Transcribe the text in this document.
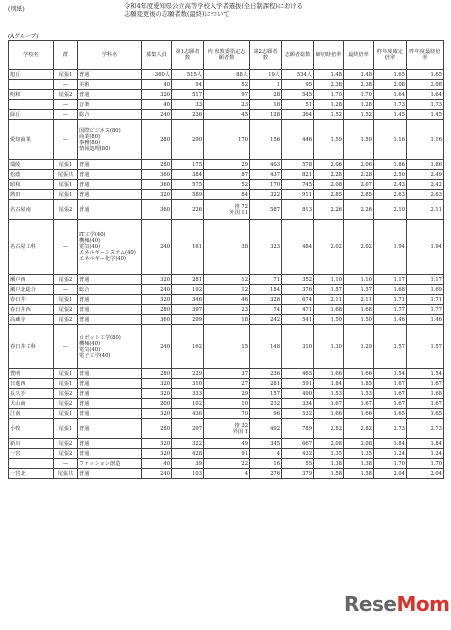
(別紙)	令和4年度愛知県公立高等学校入学者選抜(全日制課程)における
志願変更後の志願者数(最終)について
(Aグループ)
学校名	群	学科名	募集人員	第1志願者数	内 県教委指定志願者数	第2志願者数	志願者総数	締切時倍率	最終倍率	昨年度確定倍率	昨年度最終倍率
旭丘	尾張1	普通	360人	515人	88人	19人	534人	1.48	1.48	1.65	1.65
	—	美術	40	94	52	1	95	2.38	2.38	2.08	2.08
明和	尾張2	普通	320	517	97	28	545	1.70	1.70	1.64	1.64
	—	音楽	40	33	23	18	51	1.28	1.28	1.73	1.73
緑丘	—	総合	240	236	45	128	364	1.52	1.52	1.45	1.45
愛知商業	—	国際ビジネス(80)
商業(80)
事務(80)
情報処理(80)	280	290	170	156	446	1.59	1.59	1.16	1.16
瑞陵	尾張1	普通	280	175	29	403	578	2.06	2.06	1.86	1.86
松蔭	尾張共	普通	360	384	87	437	821	2.28	2.28	2.50	2.49
昭和	尾張1	普通	360	575	52	170	745	2.08	2.07	2.43	2.42
熱田	尾張1	普通	320	589	84	322	911	2.85	2.85	2.63	2.63
名古屋南	尾張2	普通	360	226	推 72
外国 11	587	813	2.26	2.26	2.10	2.11
名古屋工科	—	IT工学(40)
機械(40)
電気(40)
エネルギーシステム(40)
エネルギー化学(40)	240	161	38	323	484	2.02	2.02	1.94	1.94
瀬戸西	尾張2	普通	320	281	12	71	352	1.10	1.10	1.17	1.17
瀬戸北総合	—	総合	240	192	12	184	376	1.57	1.57	1.68	1.69
春日井	尾張1	普通	320	346	46	328	674	2.11	2.11	1.71	1.71
春日井西	尾張2	普通	280	397	23	74	471	1.68	1.68	1.77	1.77
高蔵寺	尾張2	普通	360	299	18	242	541	1.50	1.50	1.46	1.46
春日井工科	—	ロボット工学(80)
機械(40)
電気(40)
電子工学(40)	240	162	15	148	310	1.30	1.29	1.57	1.57
豊明	尾張1	普通	280	229	37	236	465	1.66	1.66	1.54	1.54
日進西	尾張1	普通	320	310	27	281	591	1.84	1.85	1.67	1.67
長久手	尾張2	普通	320	333	29	157	490	1.53	1.53	1.67	1.68
犬山南	尾張2	普通	200	102	10	232	334	1.67	1.67	1.67	1.67
江南	尾張1	普通	320	436	70	96	532	1.66	1.66	1.65	1.65
小牧	尾張1	普通	280	297	推 32
外国 1	492	789	2.82	2.82	2.73	2.73
新川	尾張2	普通	320	322	49	345	667	2.08	2.08	1.84	1.84
一宮	尾張2	普通	320	428	91	4	432	1.35	1.35	1.24	1.24
	—	ファッション創造	40	39	22	16	55	1.38	1.38	1.70	1.70
一宮北	尾張共	普通	240	103	4	276	379	1.58	1.58	2.04	2.04
ReseMom
